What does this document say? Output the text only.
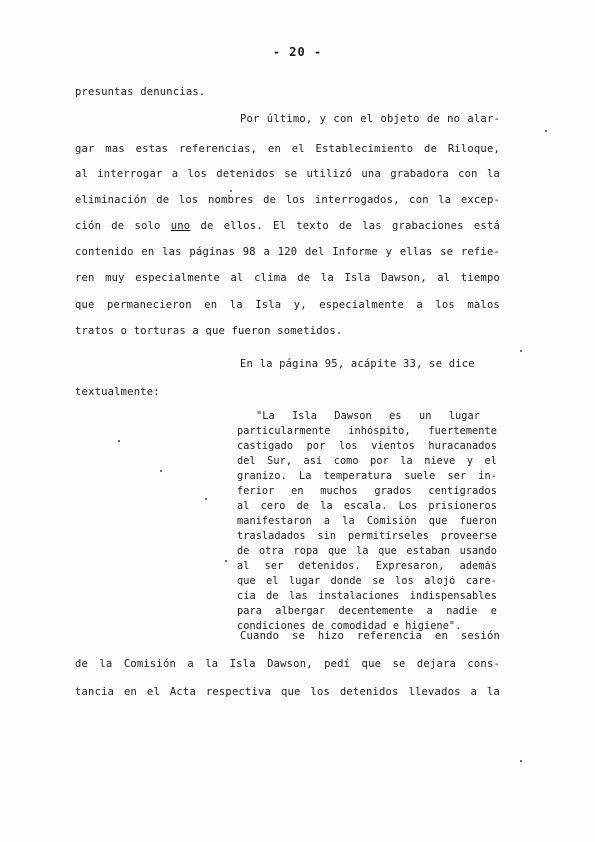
- 20 -
presuntas denuncias.
Por último, y con el objeto de no alar-
gar mas estas referencias, en el Establecimiento de Riloque,
al interrogar a los detenidos se utilizó una grabadora con la
eliminación de los nombres de los interrogados, con la excep-
ción de solo uno de ellos. El texto de las grabaciones está
contenido en las páginas 98 a 120 del Informe y ellas se refie-
ren muy especialmente al clima de la Isla Dawson, al tiempo
que permanecieron en la Isla y, especialmente a los malos
tratos o torturas a que fueron sometidos.
En la página 95, acápite 33, se dice
textualmente:
"La Isla Dawson es un lugar
particularmente inhóspito, fuertemente
castigado por los vientos huracanados
del Sur, así como por la nieve y el
granizo. La temperatura suele ser in-
ferior en muchos grados centígrados
al cero de la escala. Los prisioneros
manifestaron a la Comisión que fueron
trasladados sin permitírseles proveerse
de otra ropa que la que estaban usando
al ser detenidos. Expresaron, además
que el lugar donde se los alojó care-
cía de las instalaciones indispensables
para albergar decentemente a nadie e
condiciones de comodidad e higiene".
Cuando se hizo referencia en sesión
de la Comisión a la Isla Dawson, pedí que se dejara cons-
tancia en el Acta respectiva que los detenidos llevados a la
